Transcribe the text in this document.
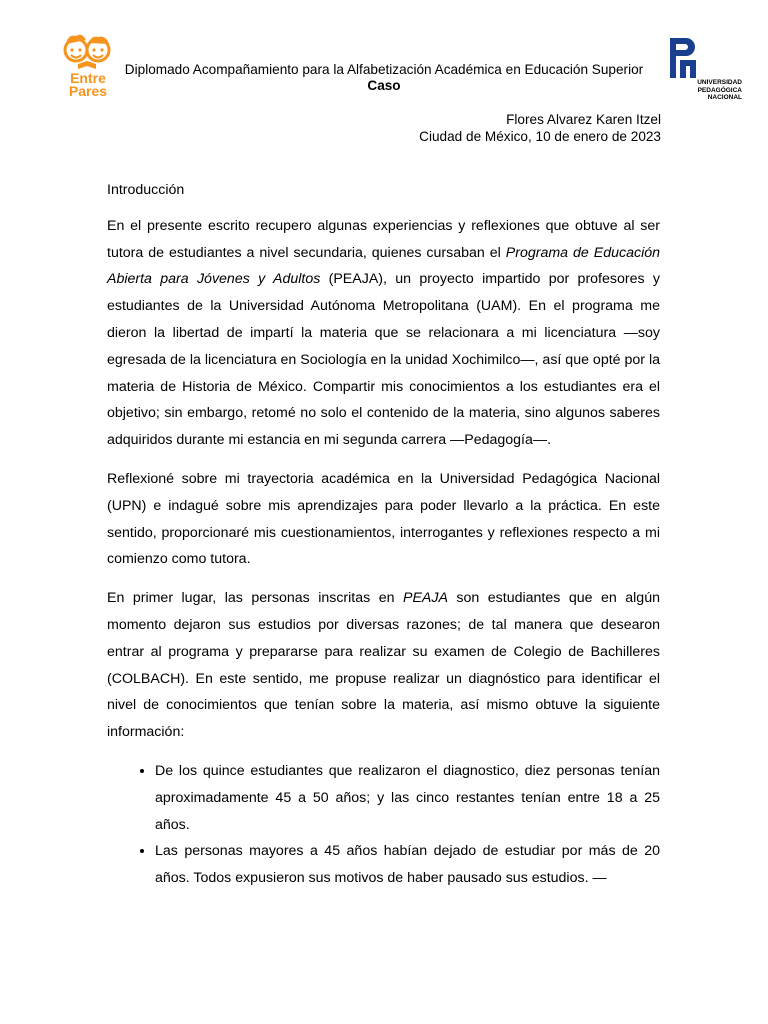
Entre
Pares
UNIVERSIDAD
PEDAGÓGICA
NACIONAL
Diplomado Acompañamiento para la Alfabetización Académica en Educación Superior
Caso
Flores Alvarez Karen Itzel
Ciudad de México, 10 de enero de 2023

Introducción

En el presente escrito recupero algunas experiencias y reflexiones que obtuve al ser tutora de estudiantes a nivel secundaria, quienes cursaban el Programa de Educación Abierta para Jóvenes y Adultos (PEAJA), un proyecto impartido por profesores y estudiantes de la Universidad Autónoma Metropolitana (UAM). En el programa me dieron la libertad de impartí la materia que se relacionara a mi licenciatura —soy egresada de la licenciatura en Sociología en la unidad Xochimilco—, así que opté por la materia de Historia de México. Compartir mis conocimientos a los estudiantes era el objetivo; sin embargo, retomé no solo el contenido de la materia, sino algunos saberes adquiridos durante mi estancia en mi segunda carrera —Pedagogía—.

Reflexioné sobre mi trayectoria académica en la Universidad Pedagógica Nacional (UPN) e indagué sobre mis aprendizajes para poder llevarlo a la práctica. En este sentido, proporcionaré mis cuestionamientos, interrogantes y reflexiones respecto a mi comienzo como tutora.

En primer lugar, las personas inscritas en PEAJA son estudiantes que en algún momento dejaron sus estudios por diversas razones; de tal manera que desearon entrar al programa y prepararse para realizar su examen de Colegio de Bachilleres (COLBACH). En este sentido, me propuse realizar un diagnóstico para identificar el nivel de conocimientos que tenían sobre la materia, así mismo obtuve la siguiente información:

• De los quince estudiantes que realizaron el diagnostico, diez personas tenían aproximadamente 45 a 50 años; y las cinco restantes tenían entre 18 a 25 años.
• Las personas mayores a 45 años habían dejado de estudiar por más de 20 años. Todos expusieron sus motivos de haber pausado sus estudios. —
